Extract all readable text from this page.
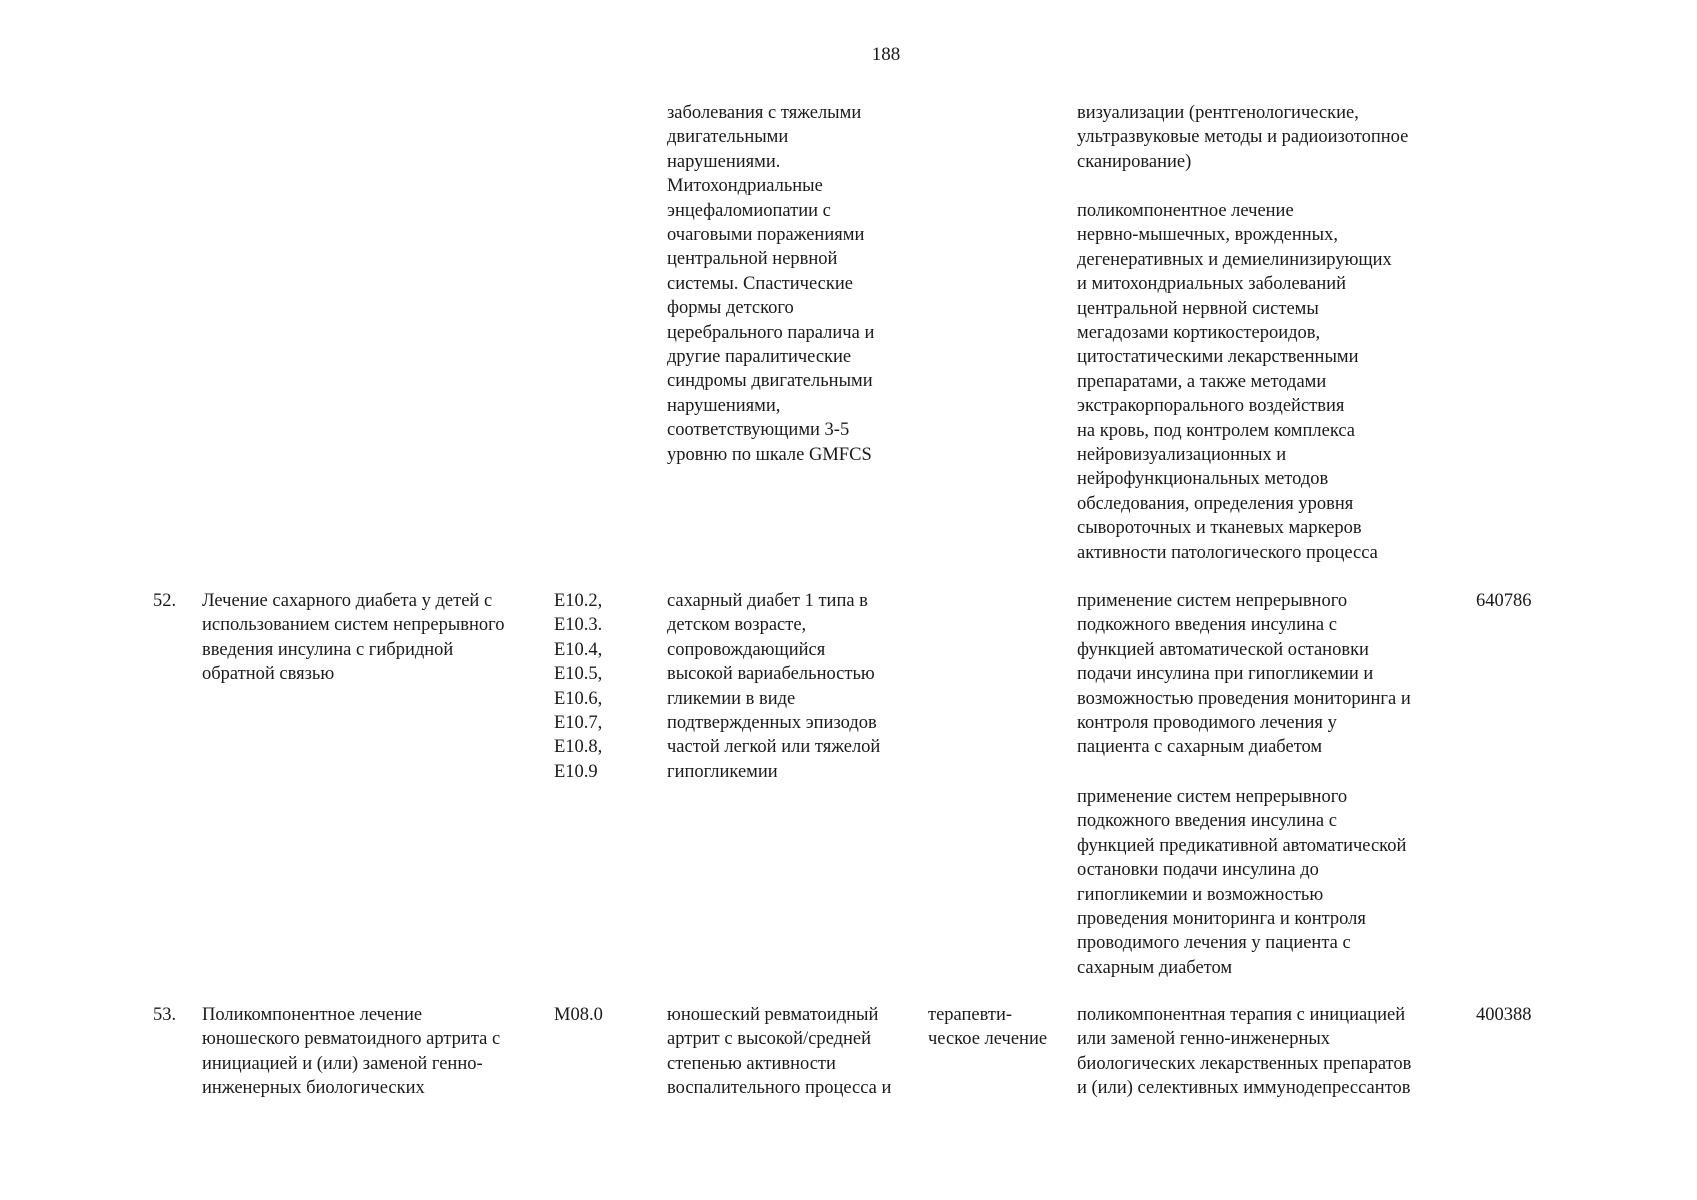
188
заболевания с тяжелыми
двигательными
нарушениями.
Митохондриальные
энцефаломиопатии с
очаговыми поражениями
центральной нервной
системы. Спастические
формы детского
церебрального паралича и
другие паралитические
синдромы двигательными
нарушениями,
соответствующими 3-5
уровню по шкале GMFCS
визуализации (рентгенологические,
ультразвуковые методы и радиоизотопное
сканирование)
поликомпонентное лечение
нервно-мышечных, врожденных,
дегенеративных и демиелинизирующих
и митохондриальных заболеваний
центральной нервной системы
мегадозами кортикостероидов,
цитостатическими лекарственными
препаратами, а также методами
экстракорпорального воздействия
на кровь, под контролем комплекса
нейровизуализационных и
нейрофункциональных методов
обследования, определения уровня
сывороточных и тканевых маркеров
активности патологического процесса
52. Лечение сахарного диабета у детей с
использованием систем непрерывного
введения инсулина с гибридной
обратной связью
E10.2,
E10.3.
E10.4,
E10.5,
E10.6,
E10.7,
E10.8,
E10.9
сахарный диабет 1 типа в
детском возрасте,
сопровождающийся
высокой вариабельностью
гликемии в виде
подтвержденных эпизодов
частой легкой или тяжелой
гипогликемии
применение систем непрерывного
подкожного введения инсулина с
функцией автоматической остановки
подачи инсулина при гипогликемии и
возможностью проведения мониторинга и
контроля проводимого лечения у
пациента с сахарным диабетом
применение систем непрерывного
подкожного введения инсулина с
функцией предикативной автоматической
остановки подачи инсулина до
гипогликемии и возможностью
проведения мониторинга и контроля
проводимого лечения у пациента с
сахарным диабетом
640786
53. Поликомпонентное лечение
юношеского ревматоидного артрита с
инициацией и (или) заменой генно-
инженерных биологических
M08.0	юношеский ревматоидный
артрит с высокой/средней
степенью активности
воспалительного процесса и
терапевти-
ческое лечение
поликомпонентная терапия с инициацией
или заменой генно-инженерных
биологических лекарственных препаратов
и (или) селективных иммунодепрессантов
400388
